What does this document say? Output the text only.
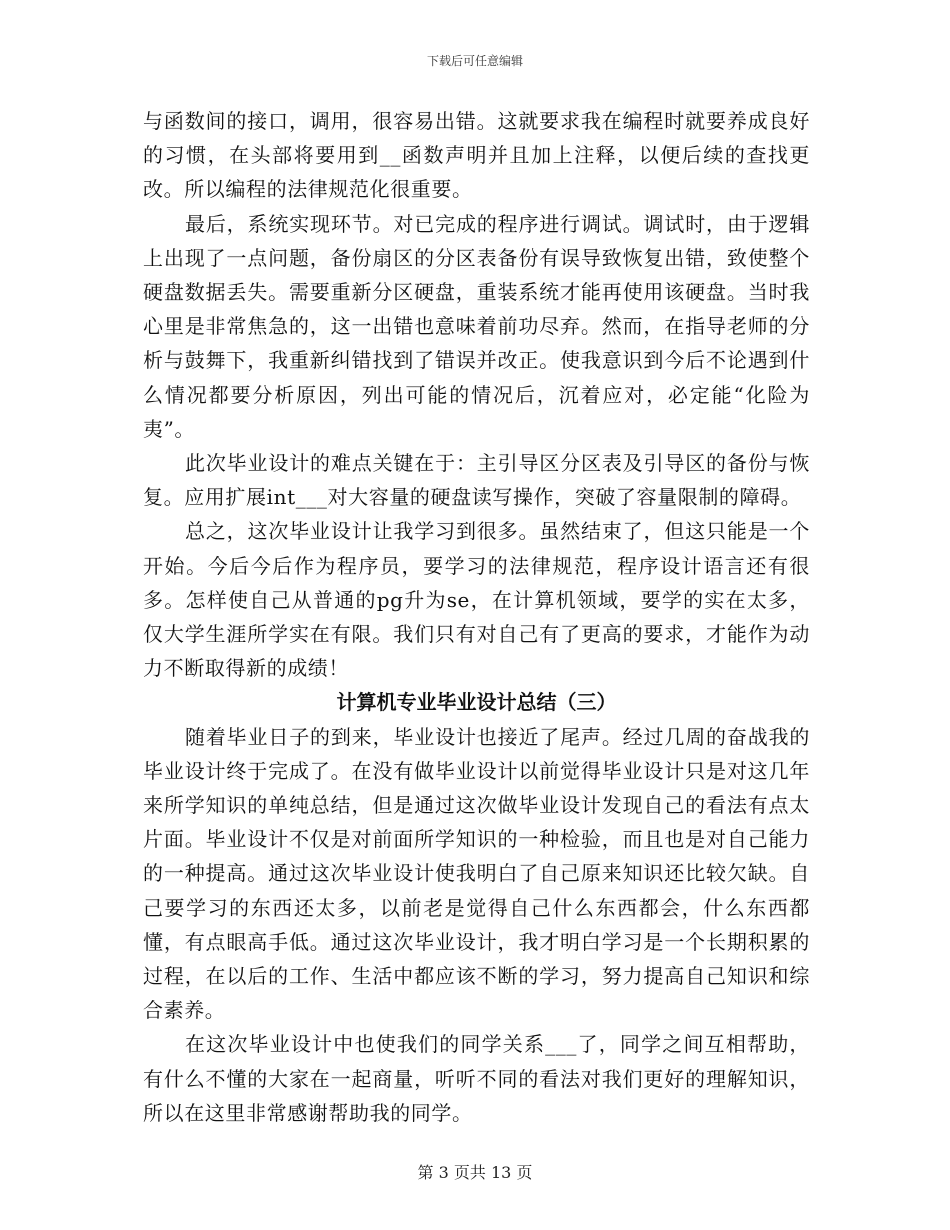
下载后可任意编辑

与函数间的接口，调用，很容易出错。这就要求我在编程时就要养成良好的习惯，在头部将要用到__函数声明并且加上注释，以便后续的查找更改。所以编程的法律规范化很重要。

最后，系统实现环节。对已完成的程序进行调试。调试时，由于逻辑上出现了一点问题，备份扇区的分区表备份有误导致恢复出错，致使整个硬盘数据丢失。需要重新分区硬盘，重装系统才能再使用该硬盘。当时我心里是非常焦急的，这一出错也意味着前功尽弃。然而，在指导老师的分析与鼓舞下，我重新纠错找到了错误并改正。使我意识到今后不论遇到什么情况都要分析原因，列出可能的情况后，沉着应对，必定能“化险为夷”。

此次毕业设计的难点关键在于：主引导区分区表及引导区的备份与恢复。应用扩展int___对大容量的硬盘读写操作，突破了容量限制的障碍。

总之，这次毕业设计让我学习到很多。虽然结束了，但这只能是一个开始。今后今后作为程序员，要学习的法律规范，程序设计语言还有很多。怎样使自己从普通的pg升为se，在计算机领域，要学的实在太多，仅大学生涯所学实在有限。我们只有对自己有了更高的要求，才能作为动力不断取得新的成绩！

计算机专业毕业设计总结（三）

随着毕业日子的到来，毕业设计也接近了尾声。经过几周的奋战我的毕业设计终于完成了。在没有做毕业设计以前觉得毕业设计只是对这几年来所学知识的单纯总结，但是通过这次做毕业设计发现自己的看法有点太片面。毕业设计不仅是对前面所学知识的一种检验，而且也是对自己能力的一种提高。通过这次毕业设计使我明白了自己原来知识还比较欠缺。自己要学习的东西还太多，以前老是觉得自己什么东西都会，什么东西都懂，有点眼高手低。通过这次毕业设计，我才明白学习是一个长期积累的过程，在以后的工作、生活中都应该不断的学习，努力提高自己知识和综合素养。

在这次毕业设计中也使我们的同学关系___了，同学之间互相帮助，有什么不懂的大家在一起商量，听听不同的看法对我们更好的理解知识，所以在这里非常感谢帮助我的同学。

第 3 页共 13 页
